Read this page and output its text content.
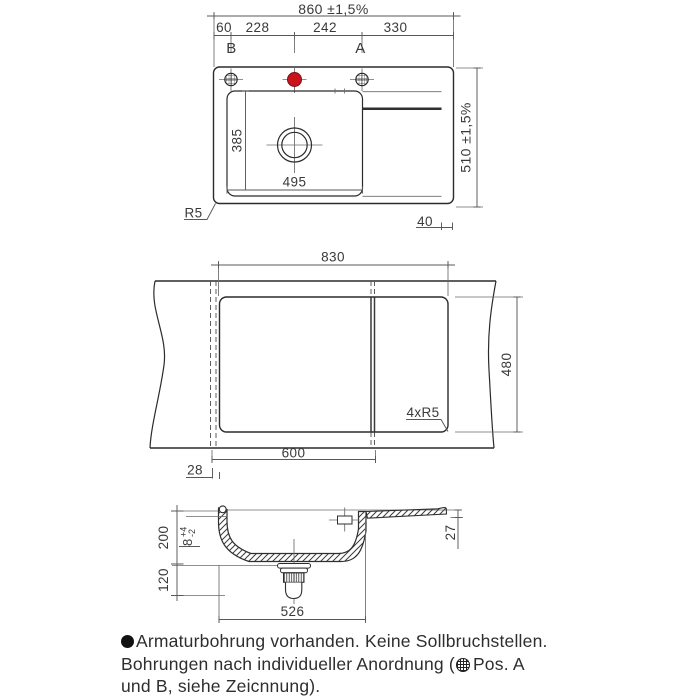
860 ±1,5%
60 228	242	330
B	A
385
495
510 ±1,5%
R5
40
830
480
4xR5
600
28
200
120
8
+4
-2	27
526
Armaturbohrung vorhanden. Keine Sollbruchstellen.
Bohrungen nach individueller Anordnung ( Pos. A
und B, siehe Zeicnnung).
